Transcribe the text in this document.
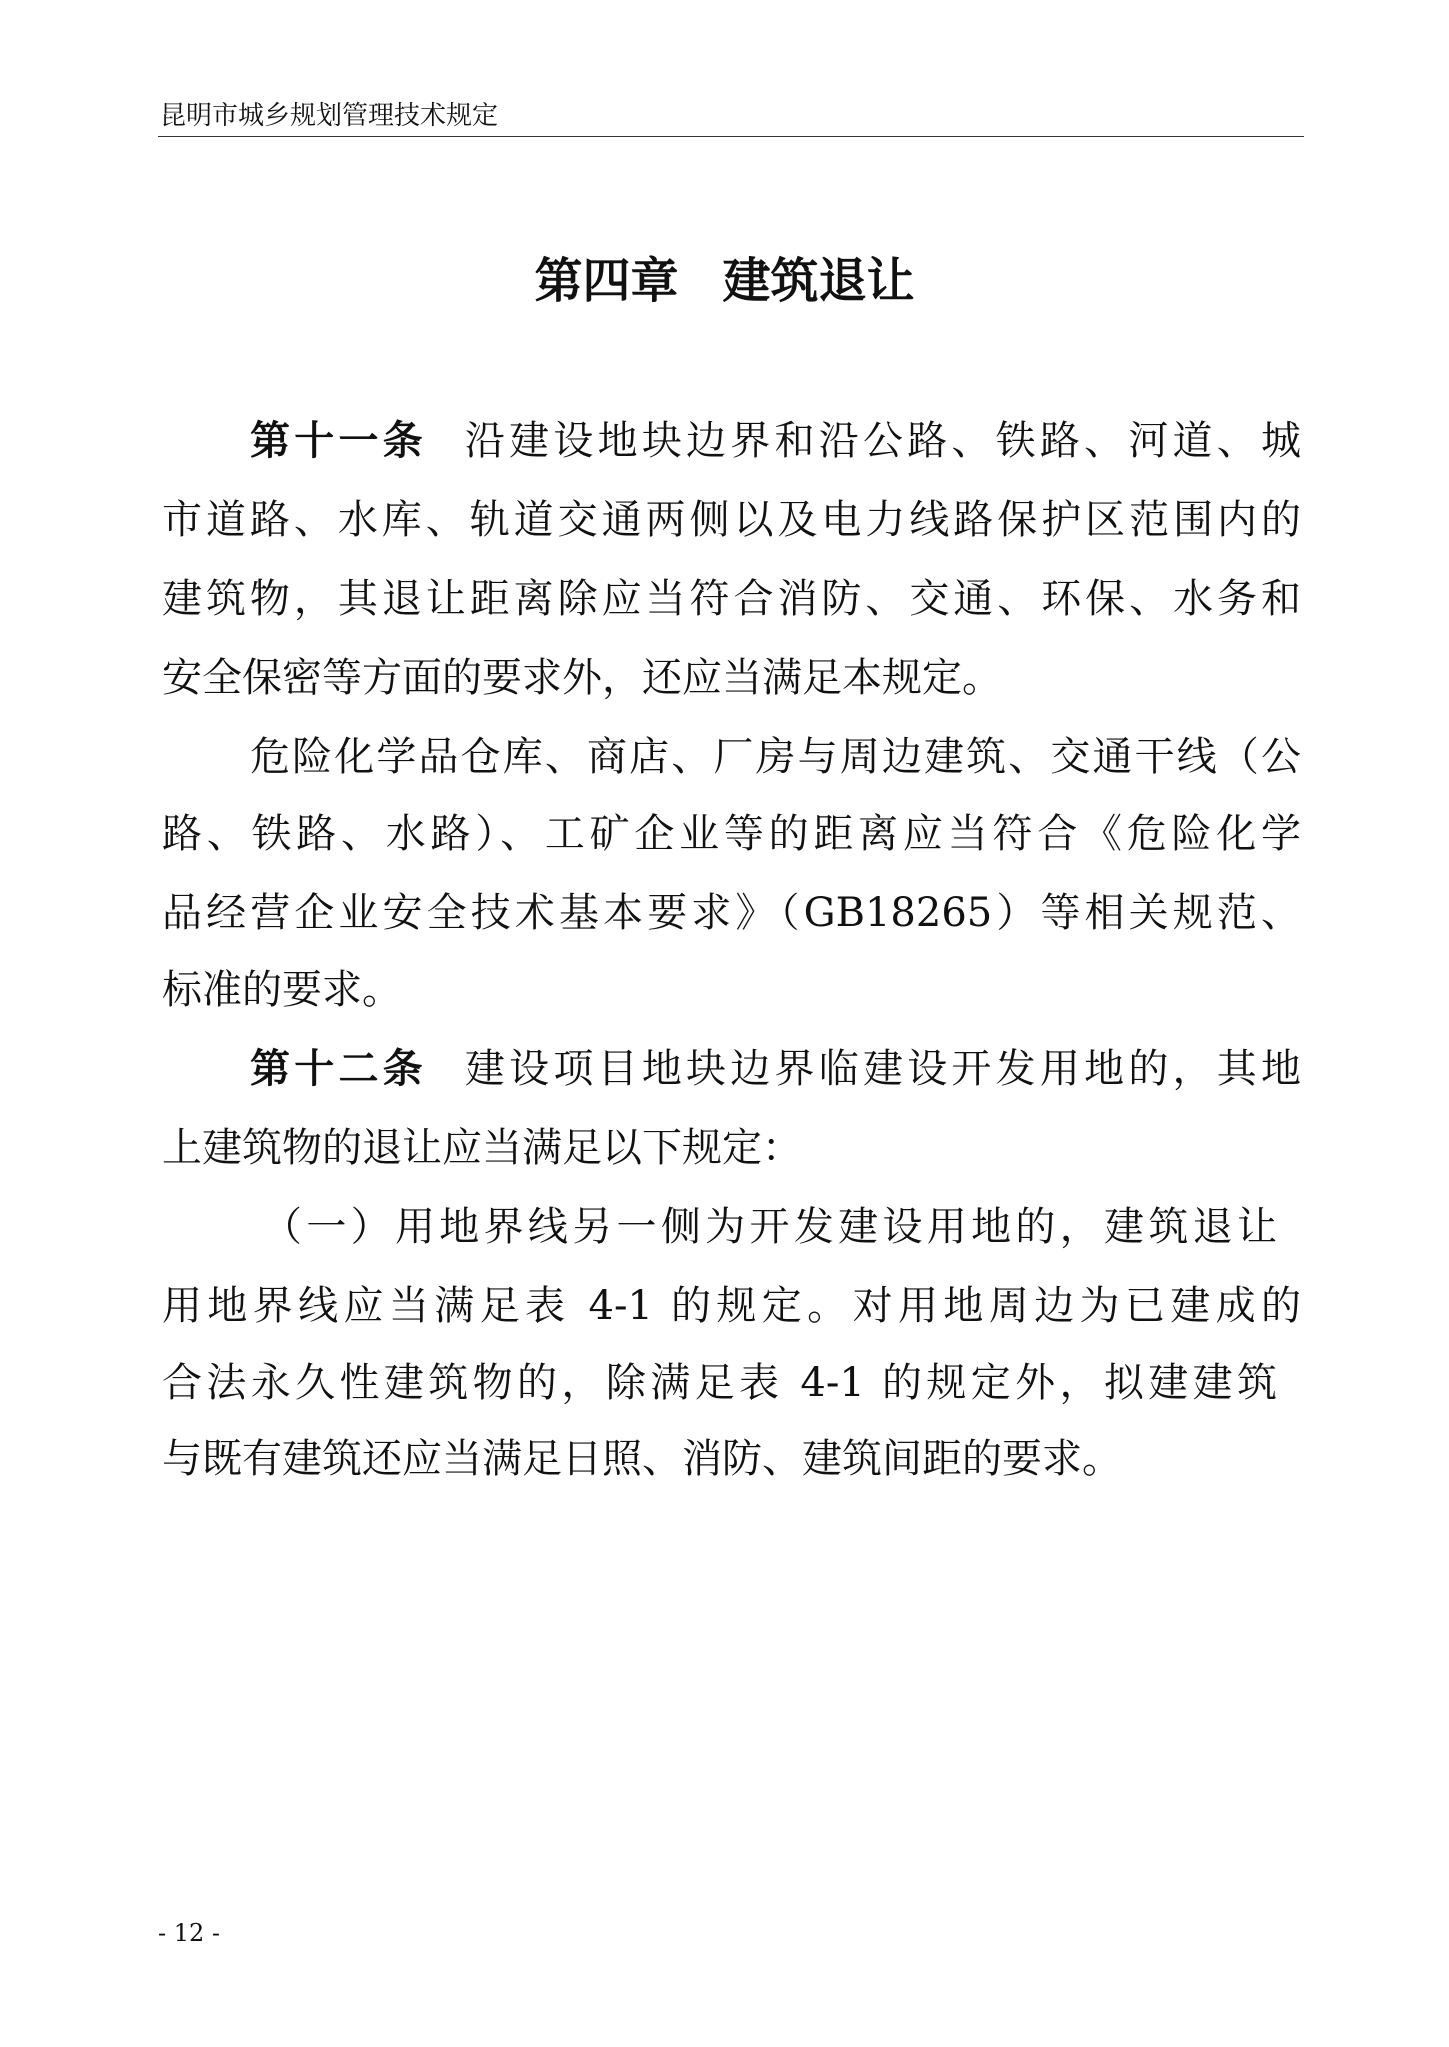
昆明市城乡规划管理技术规定
第四章 建筑退让
第十一条 沿建设地块边界和沿公路、铁路、河道、城
市道路、水库、轨道交通两侧以及电力线路保护区范围内的
建筑物，其退让距离除应当符合消防、交通、环保、水务和
安全保密等方面的要求外，还应当满足本规定。
危险化学品仓库、商店、厂房与周边建筑、交通干线（公
路、铁路、水路）、工矿企业等的距离应当符合《危险化学
品经营企业安全技术基本要求》（GB18265）等相关规范、
标准的要求。
第十二条 建设项目地块边界临建设开发用地的，其地
上建筑物的退让应当满足以下规定：
（一）用地界线另一侧为开发建设用地的，建筑退让
用地界线应当满足表 4-1 的规定。对用地周边为已建成的
合法永久性建筑物的，除满足表 4-1 的规定外，拟建建筑
与既有建筑还应当满足日照、消防、建筑间距的要求。
- 12 -
